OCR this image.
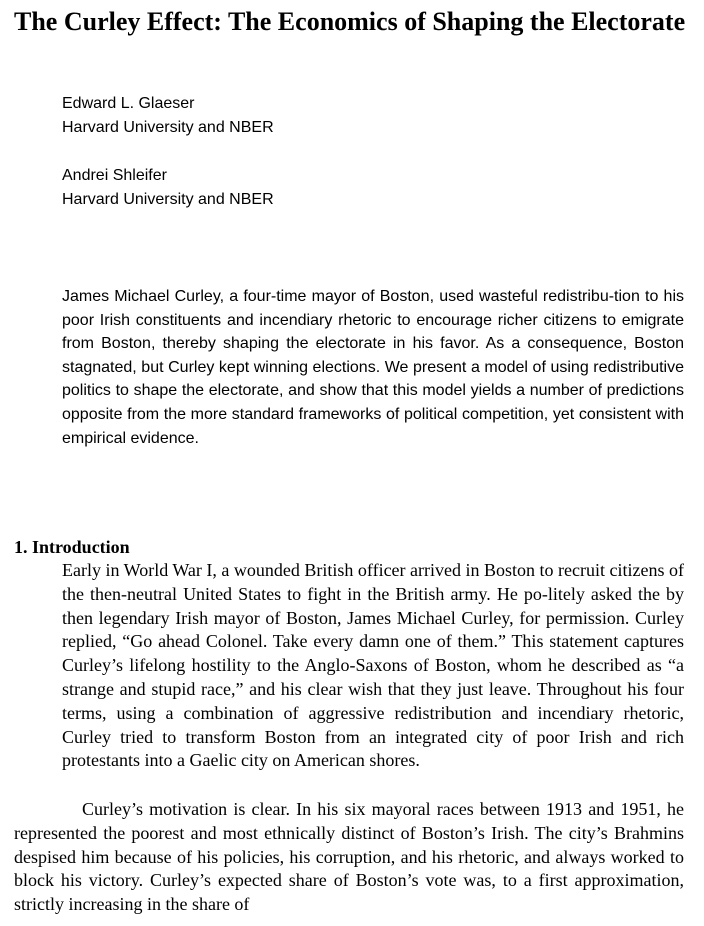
The Curley Effect: The Economics of Shaping the Electorate
Edward L. Glaeser
Harvard University and NBER
Andrei Shleifer
Harvard University and NBER

James Michael Curley, a four-time mayor of Boston, used wasteful redistribu-tion to his poor Irish constituents and incendiary rhetoric to encourage richer citizens to emigrate from Boston, thereby shaping the electorate in his favor. As a consequence, Boston stagnated, but Curley kept winning elections. We present a model of using redistributive politics to shape the electorate, and show that this model yields a number of predictions opposite from the more standard frameworks of political competition, yet consistent with empirical evidence.

1. Introduction

Early in World War I, a wounded British officer arrived in Boston to recruit citizens of the then-neutral United States to fight in the British army. He po-litely asked the by then legendary Irish mayor of Boston, James Michael Curley, for permission. Curley replied, “Go ahead Colonel. Take every damn one of them.” This statement captures Curley’s lifelong hostility to the Anglo-Saxons of Boston, whom he described as “a strange and stupid race,” and his clear wish that they just leave. Throughout his four terms, using a combination of aggressive redistribution and incendiary rhetoric, Curley tried to transform Boston from an integrated city of poor Irish and rich protestants into a Gaelic city on American shores.

Curley’s motivation is clear. In his six mayoral races between 1913 and 1951, he represented the poorest and most ethnically distinct of Boston’s Irish. The city’s Brahmins despised him because of his policies, his corruption, and his rhetoric, and always worked to block his victory. Curley’s expected share of Boston’s vote was, to a first approximation, strictly increasing in the share of
